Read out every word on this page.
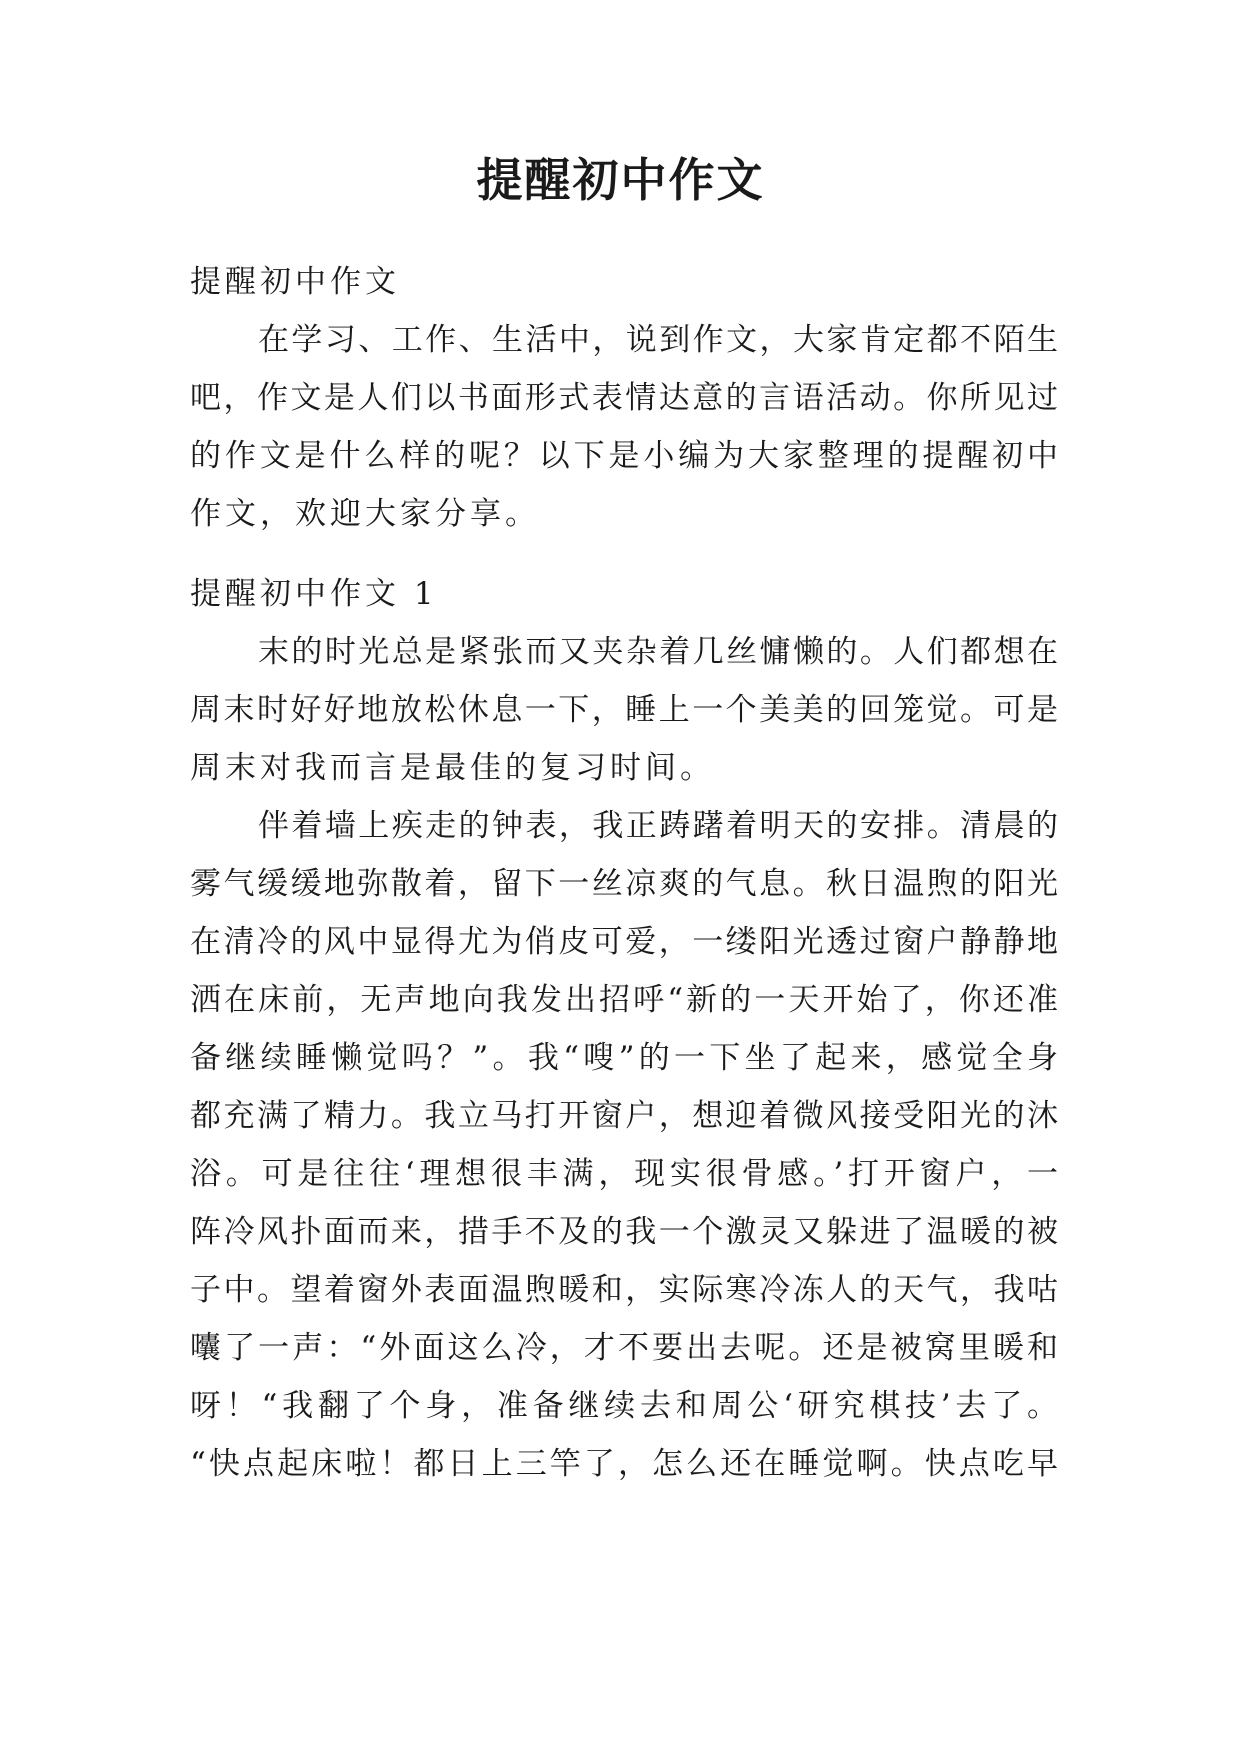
提醒初中作文
提醒初中作文
在学习、工作、生活中，说到作文，大家肯定都不陌生
吧，作文是人们以书面形式表情达意的言语活动。你所见过
的作文是什么样的呢？以下是小编为大家整理的提醒初中
作文，欢迎大家分享。
提醒初中作文 1
末的时光总是紧张而又夹杂着几丝慵懒的。人们都想在
周末时好好地放松休息一下，睡上一个美美的回笼觉。可是
周末对我而言是最佳的复习时间。
伴着墙上疾走的钟表，我正踌躇着明天的安排。清晨的
雾气缓缓地弥散着，留下一丝凉爽的气息。秋日温煦的阳光
在清冷的风中显得尤为俏皮可爱，一缕阳光透过窗户静静地
洒在床前，无声地向我发出招呼“新的一天开始了，你还准
备继续睡懒觉吗？”。我“嗖”的一下坐了起来，感觉全身
都充满了精力。我立马打开窗户，想迎着微风接受阳光的沐
浴。可是往往‘理想很丰满，现实很骨感。’打开窗户，一
阵冷风扑面而来，措手不及的我一个激灵又躲进了温暖的被
子中。望着窗外表面温煦暖和，实际寒冷冻人的天气，我咕
囔了一声：“外面这么冷，才不要出去呢。还是被窝里暖和
呀！“我翻了个身，准备继续去和周公‘研究棋技’去了。
“快点起床啦！都日上三竿了，怎么还在睡觉啊。快点吃早
